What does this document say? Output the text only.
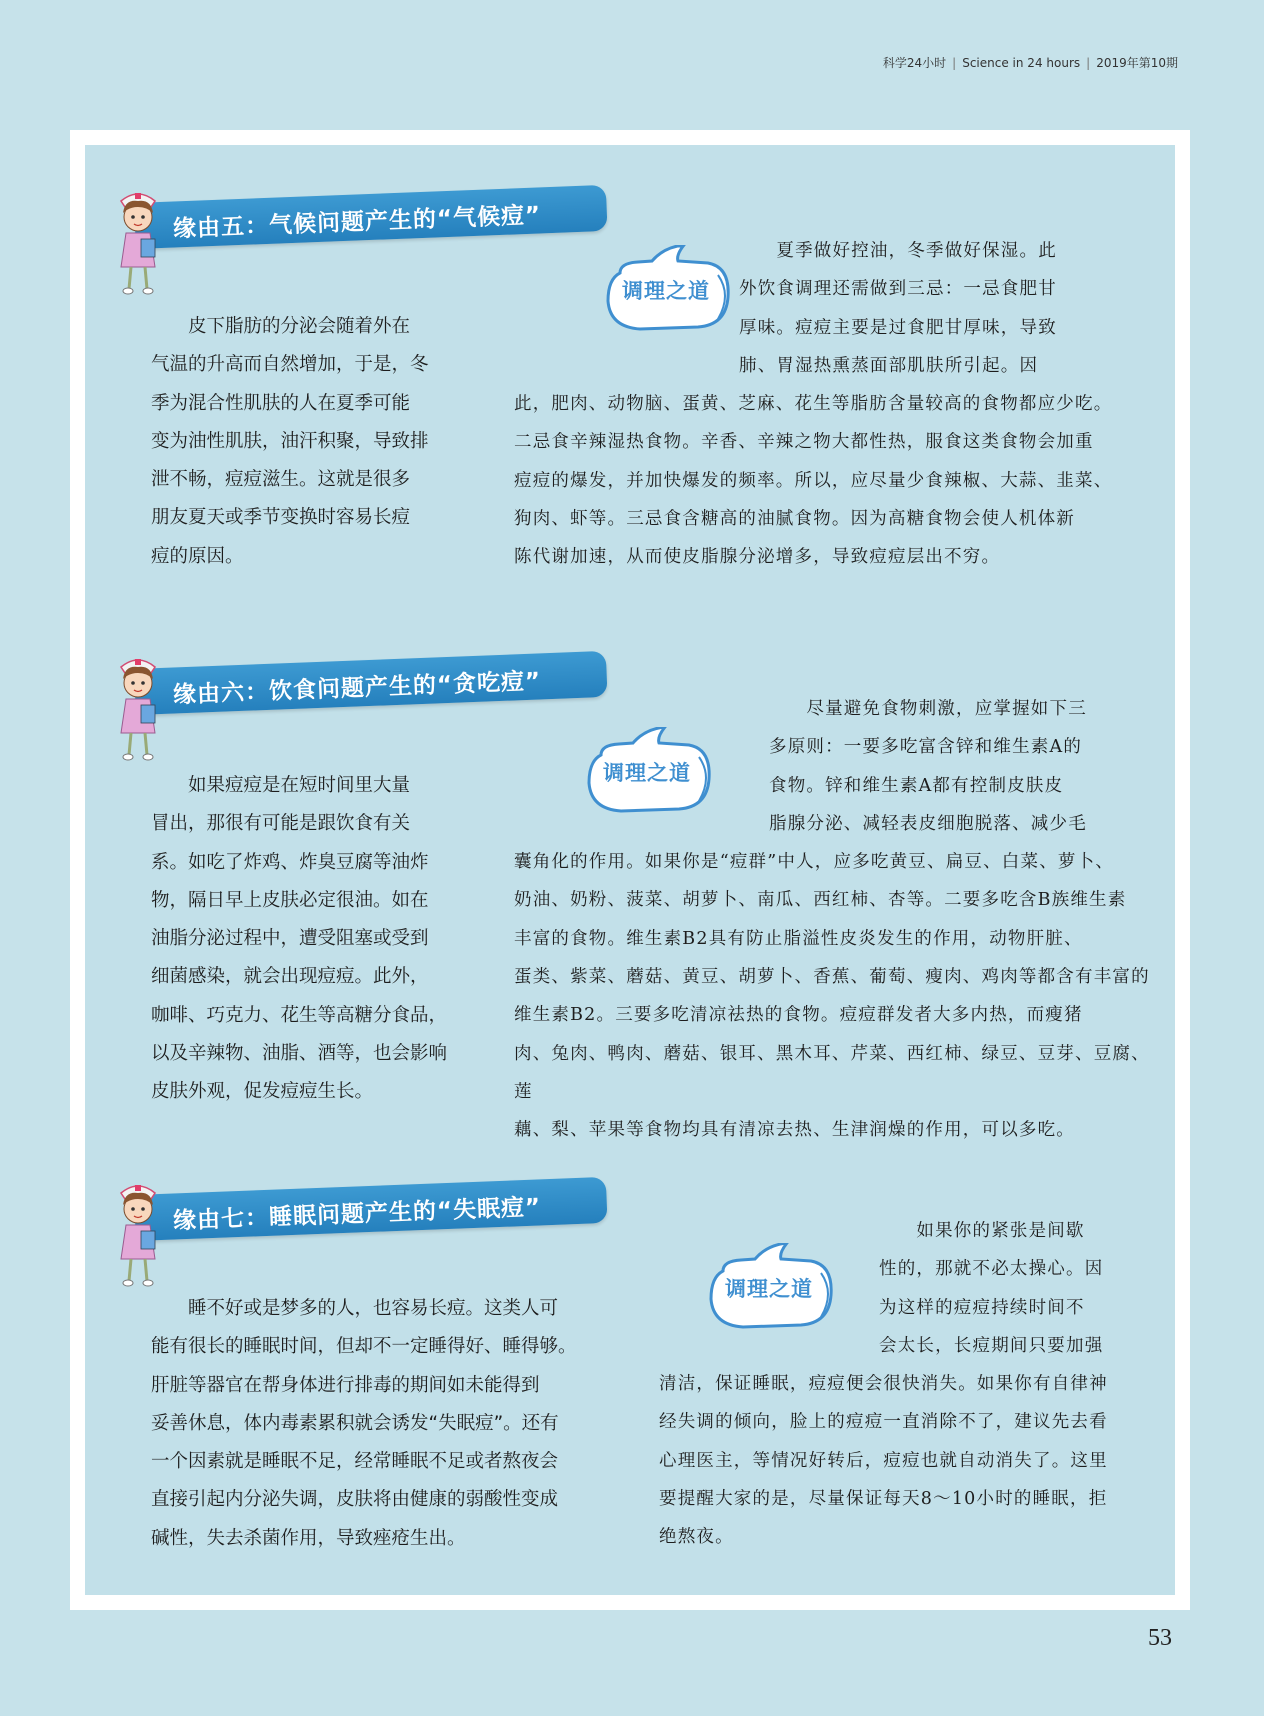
科学24小时 | Science in 24 hours | 2019年第10期
缘由五：气候问题产生的“气候痘”
调理之道

　　皮下脂肪的分泌会随着外在

气温的升高而自然增加，于是，冬

季为混合性肌肤的人在夏季可能

变为油性肌肤，油汗积聚，导致排

泄不畅，痘痘滋生。这就是很多

朋友夏天或季节变换时容易长痘

痘的原因。

　　夏季做好控油，冬季做好保湿。此

外饮食调理还需做到三忌：一忌食肥甘

厚味。痘痘主要是过食肥甘厚味，导致

肺、胃湿热熏蒸面部肌肤所引起。因

此，肥肉、动物脑、蛋黄、芝麻、花生等脂肪含量较高的食物都应少吃。

二忌食辛辣湿热食物。辛香、辛辣之物大都性热，服食这类食物会加重

痘痘的爆发，并加快爆发的频率。所以，应尽量少食辣椒、大蒜、韭菜、

狗肉、虾等。三忌食含糖高的油腻食物。因为高糖食物会使人机体新

陈代谢加速，从而使皮脂腺分泌增多，导致痘痘层出不穷。

缘由六：饮食问题产生的“贪吃痘”
调理之道

　　如果痘痘是在短时间里大量

冒出，那很有可能是跟饮食有关

系。如吃了炸鸡、炸臭豆腐等油炸

物，隔日早上皮肤必定很油。如在

油脂分泌过程中，遭受阻塞或受到

细菌感染，就会出现痘痘。此外，

咖啡、巧克力、花生等高糖分食品，

以及辛辣物、油脂、酒等，也会影响

皮肤外观，促发痘痘生长。

　　尽量避免食物刺激，应掌握如下三

多原则：一要多吃富含锌和维生素A的

食物。锌和维生素A都有控制皮肤皮

脂腺分泌、减轻表皮细胞脱落、减少毛

囊角化的作用。如果你是“痘群”中人，应多吃黄豆、扁豆、白菜、萝卜、

奶油、奶粉、菠菜、胡萝卜、南瓜、西红柿、杏等。二要多吃含B族维生素

丰富的食物。维生素B2具有防止脂溢性皮炎发生的作用，动物肝脏、

蛋类、紫菜、蘑菇、黄豆、胡萝卜、香蕉、葡萄、瘦肉、鸡肉等都含有丰富的

维生素B2。三要多吃清凉祛热的食物。痘痘群发者大多内热，而瘦猪

肉、兔肉、鸭肉、蘑菇、银耳、黑木耳、芹菜、西红柿、绿豆、豆芽、豆腐、莲

藕、梨、苹果等食物均具有清凉去热、生津润燥的作用，可以多吃。

缘由七：睡眠问题产生的“失眠痘”
调理之道

　　睡不好或是梦多的人，也容易长痘。这类人可

能有很长的睡眠时间，但却不一定睡得好、睡得够。

肝脏等器官在帮身体进行排毒的期间如未能得到

妥善休息，体内毒素累积就会诱发“失眠痘”。还有

一个因素就是睡眠不足，经常睡眠不足或者熬夜会

直接引起内分泌失调，皮肤将由健康的弱酸性变成

碱性，失去杀菌作用，导致痤疮生出。

　　如果你的紧张是间歇

性的，那就不必太操心。因

为这样的痘痘持续时间不

会太长，长痘期间只要加强

清洁，保证睡眠，痘痘便会很快消失。如果你有自律神

经失调的倾向，脸上的痘痘一直消除不了，建议先去看

心理医主，等情况好转后，痘痘也就自动消失了。这里

要提醒大家的是，尽量保证每天8～10小时的睡眠，拒

绝熬夜。

53
